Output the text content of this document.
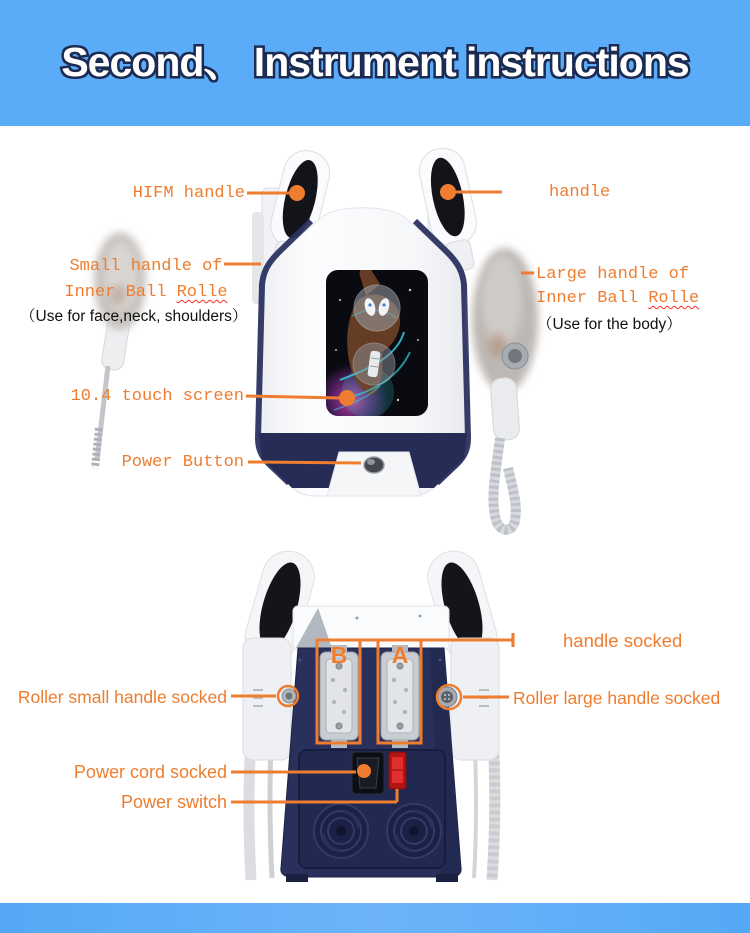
Second、 Instrument instructions
HIFM handle	handle
Small handle of
Inner Ball Rolle
（Use for face,neck, shoulders）
Large handle of
Inner Ball Rolle
（Use for the body）
10.4 touch screen
Power Button
handle socked
Roller small handle socked	Roller large handle socked
Power cord socked
Power switch
B A
